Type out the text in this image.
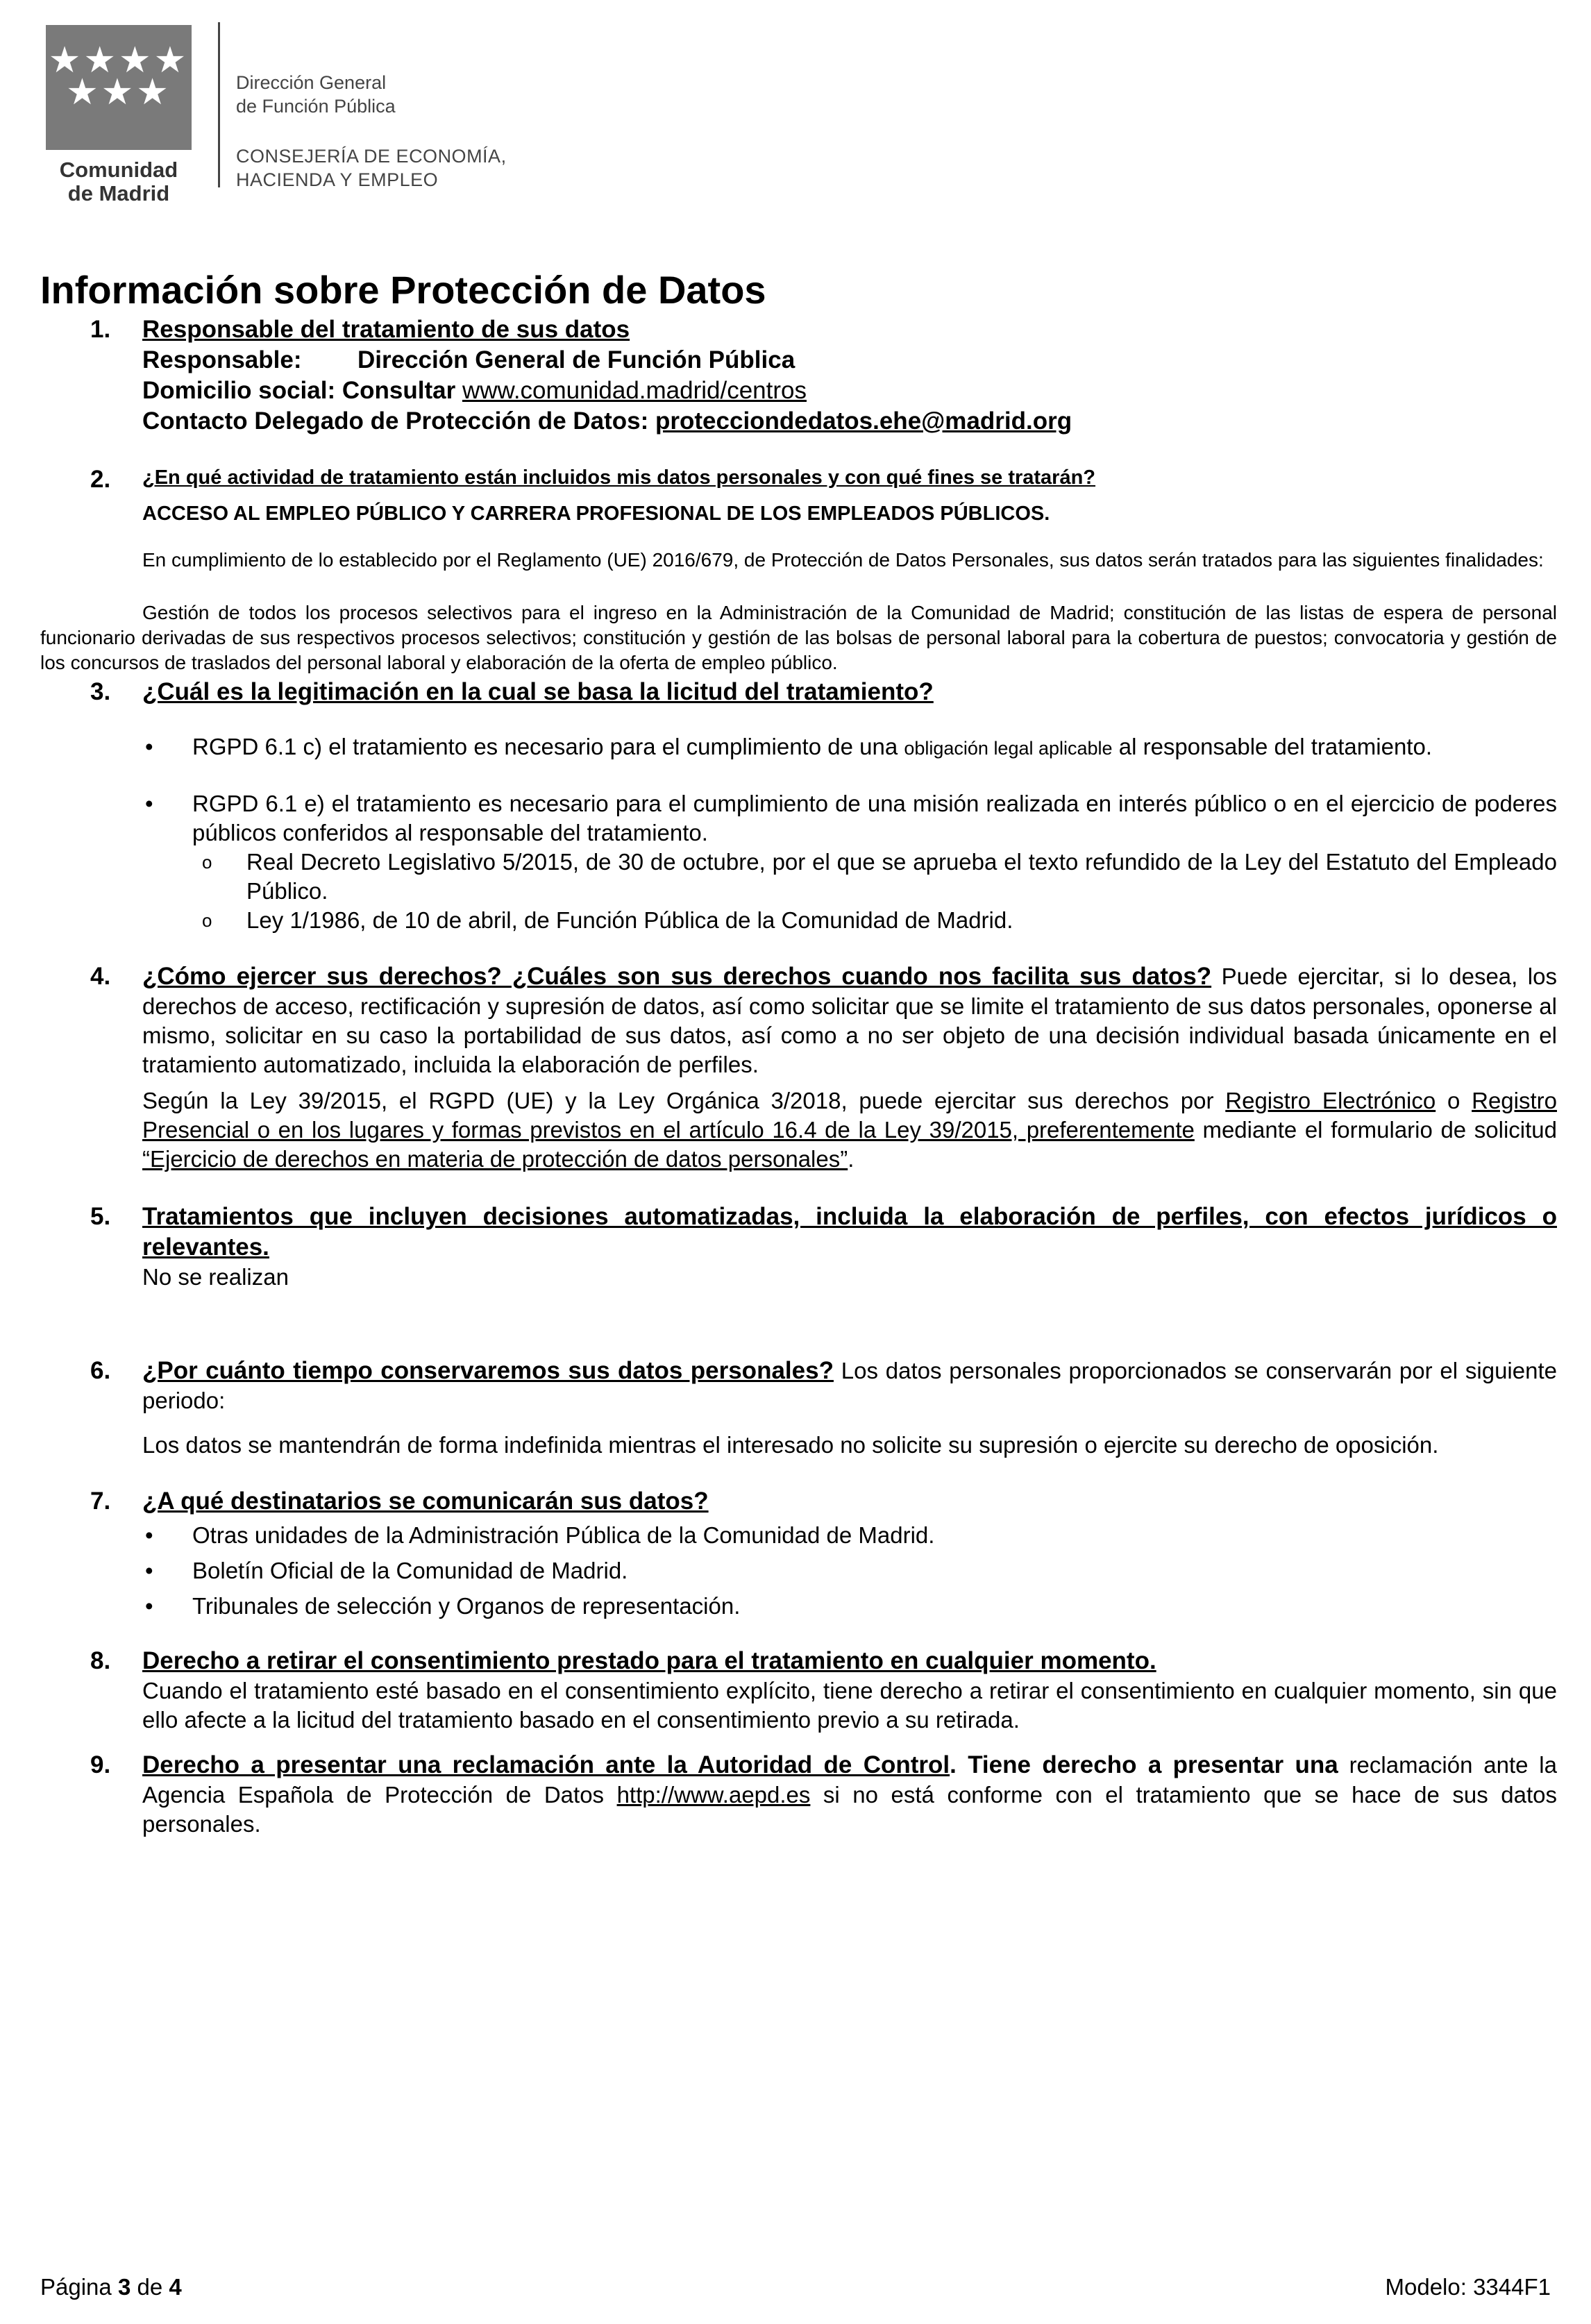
★★★★
★★★
Comunidad
de Madrid
Dirección General
de Función Pública
CONSEJERÍA DE ECONOMÍA,
HACIENDA Y EMPLEO
Información sobre Protección de Datos
1. Responsable del tratamiento de sus datos
Responsable: Dirección General de Función Pública
Domicilio social: Consultar www.comunidad.madrid/centros
Contacto Delegado de Protección de Datos: protecciondedatos.ehe@madrid.org
2. ¿En qué actividad de tratamiento están incluidos mis datos personales y con qué fines se tratarán?
ACCESO AL EMPLEO PÚBLICO Y CARRERA PROFESIONAL DE LOS EMPLEADOS PÚBLICOS.
En cumplimiento de lo establecido por el Reglamento (UE) 2016/679, de Protección de Datos Personales, sus datos serán tratados para las siguientes finalidades:
Gestión de todos los procesos selectivos para el ingreso en la Administración de la Comunidad de Madrid; constitución de las listas de espera de personal funcionario derivadas de sus respectivos procesos selectivos; constitución y gestión de las bolsas de personal laboral para la cobertura de puestos; convocatoria y gestión de los concursos de traslados del personal laboral y elaboración de la oferta de empleo público.
3. ¿Cuál es la legitimación en la cual se basa la licitud del tratamiento?
• RGPD 6.1 c) el tratamiento es necesario para el cumplimiento de una obligación legal aplicable al responsable del tratamiento.
• RGPD 6.1 e) el tratamiento es necesario para el cumplimiento de una misión realizada en interés público o en el ejercicio de poderes públicos conferidos al responsable del tratamiento.
o Real Decreto Legislativo 5/2015, de 30 de octubre, por el que se aprueba el texto refundido de la Ley del Estatuto del Empleado Público.
o Ley 1/1986, de 10 de abril, de Función Pública de la Comunidad de Madrid.
4. ¿Cómo ejercer sus derechos? ¿Cuáles son sus derechos cuando nos facilita sus datos? Puede ejercitar, si lo desea, los derechos de acceso, rectificación y supresión de datos, así como solicitar que se limite el tratamiento de sus datos personales, oponerse al mismo, solicitar en su caso la portabilidad de sus datos, así como a no ser objeto de una decisión individual basada únicamente en el tratamiento automatizado, incluida la elaboración de perfiles.
Según la Ley 39/2015, el RGPD (UE) y la Ley Orgánica 3/2018, puede ejercitar sus derechos por Registro Electrónico o Registro Presencial o en los lugares y formas previstos en el artículo 16.4 de la Ley 39/2015, preferentemente mediante el formulario de solicitud “Ejercicio de derechos en materia de protección de datos personales”.
5. Tratamientos que incluyen decisiones automatizadas, incluida la elaboración de perfiles, con efectos jurídicos o relevantes.
No se realizan
6. ¿Por cuánto tiempo conservaremos sus datos personales? Los datos personales proporcionados se conservarán por el siguiente periodo:
Los datos se mantendrán de forma indefinida mientras el interesado no solicite su supresión o ejercite su derecho de oposición.
7. ¿A qué destinatarios se comunicarán sus datos?
• Otras unidades de la Administración Pública de la Comunidad de Madrid.
• Boletín Oficial de la Comunidad de Madrid.
• Tribunales de selección y Organos de representación.
8. Derecho a retirar el consentimiento prestado para el tratamiento en cualquier momento.
Cuando el tratamiento esté basado en el consentimiento explícito, tiene derecho a retirar el consentimiento en cualquier momento, sin que ello afecte a la licitud del tratamiento basado en el consentimiento previo a su retirada.
9. Derecho a presentar una reclamación ante la Autoridad de Control. Tiene derecho a presentar una reclamación ante la Agencia Española de Protección de Datos http://www.aepd.es si no está conforme con el tratamiento que se hace de sus datos personales.
Página 3 de 4	Modelo: 3344F1
